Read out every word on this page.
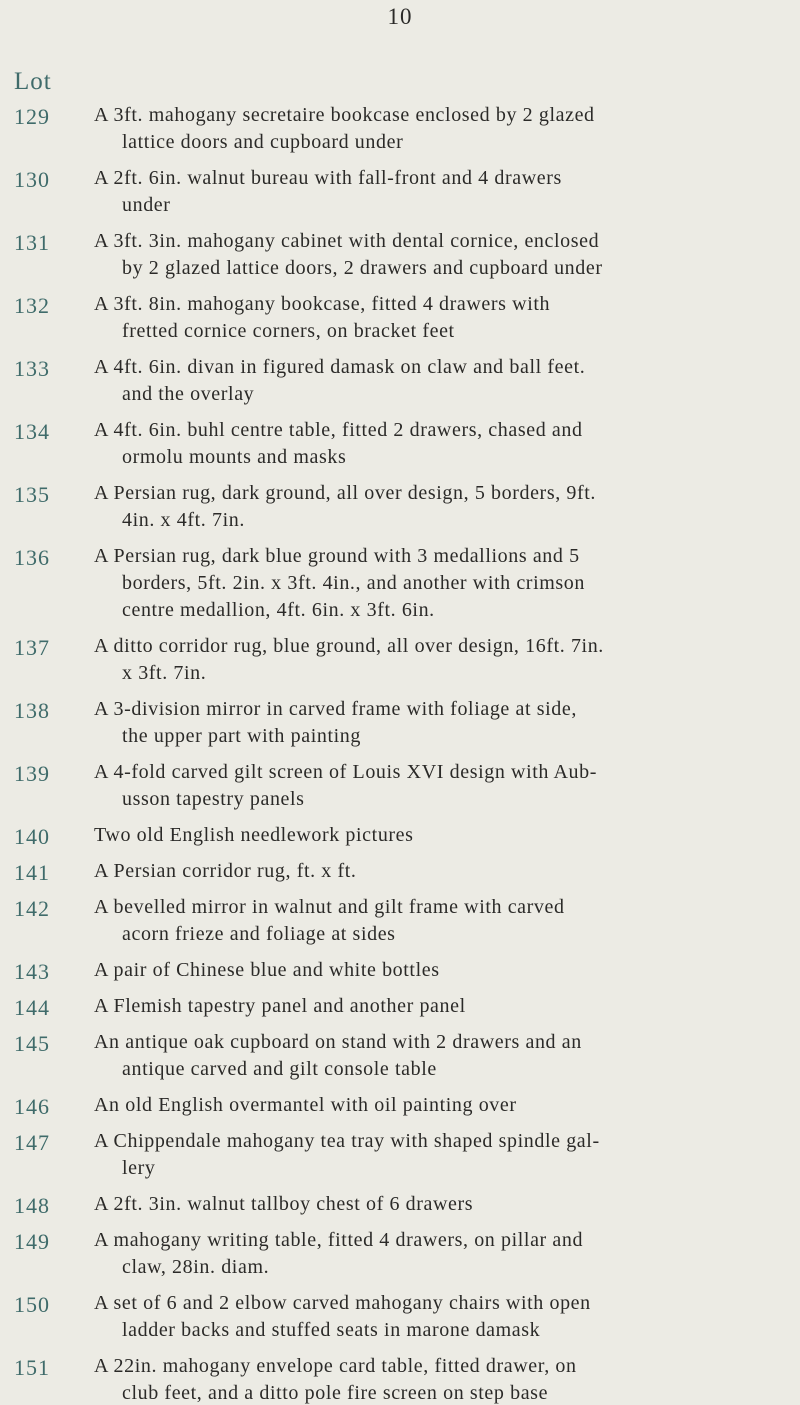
10
Lot
129 A 3ft. mahogany secretaire bookcase enclosed by 2 glazed
lattice doors and cupboard under
130 A 2ft. 6in. walnut bureau with fall-front and 4 drawers
under
131 A 3ft. 3in. mahogany cabinet with dental cornice, enclosed
by 2 glazed lattice doors, 2 drawers and cupboard under
132 A 3ft. 8in. mahogany bookcase, fitted 4 drawers with
fretted cornice corners, on bracket feet
133 A 4ft. 6in. divan in figured damask on claw and ball feet.
and the overlay
134 A 4ft. 6in. buhl centre table, fitted 2 drawers, chased and
ormolu mounts and masks
135 A Persian rug, dark ground, all over design, 5 borders, 9ft.
4in. x 4ft. 7in.
136 A Persian rug, dark blue ground with 3 medallions and 5
borders, 5ft. 2in. x 3ft. 4in., and another with crimson
centre medallion, 4ft. 6in. x 3ft. 6in.
137 A ditto corridor rug, blue ground, all over design, 16ft. 7in.
x 3ft. 7in.
138 A 3-division mirror in carved frame with foliage at side,
the upper part with painting
139 A 4-fold carved gilt screen of Louis XVI design with Aub-
usson tapestry panels
140 Two old English needlework pictures
141 A Persian corridor rug, ft. x ft.
142 A bevelled mirror in walnut and gilt frame with carved
acorn frieze and foliage at sides
143 A pair of Chinese blue and white bottles
144 A Flemish tapestry panel and another panel
145 An antique oak cupboard on stand with 2 drawers and an
antique carved and gilt console table
146 An old English overmantel with oil painting over
147 A Chippendale mahogany tea tray with shaped spindle gal-
lery
148 A 2ft. 3in. walnut tallboy chest of 6 drawers
149 A mahogany writing table, fitted 4 drawers, on pillar and
claw, 28in. diam.
150 A set of 6 and 2 elbow carved mahogany chairs with open
ladder backs and stuffed seats in marone damask
151 A 22in. mahogany envelope card table, fitted drawer, on
club feet, and a ditto pole fire screen on step base
